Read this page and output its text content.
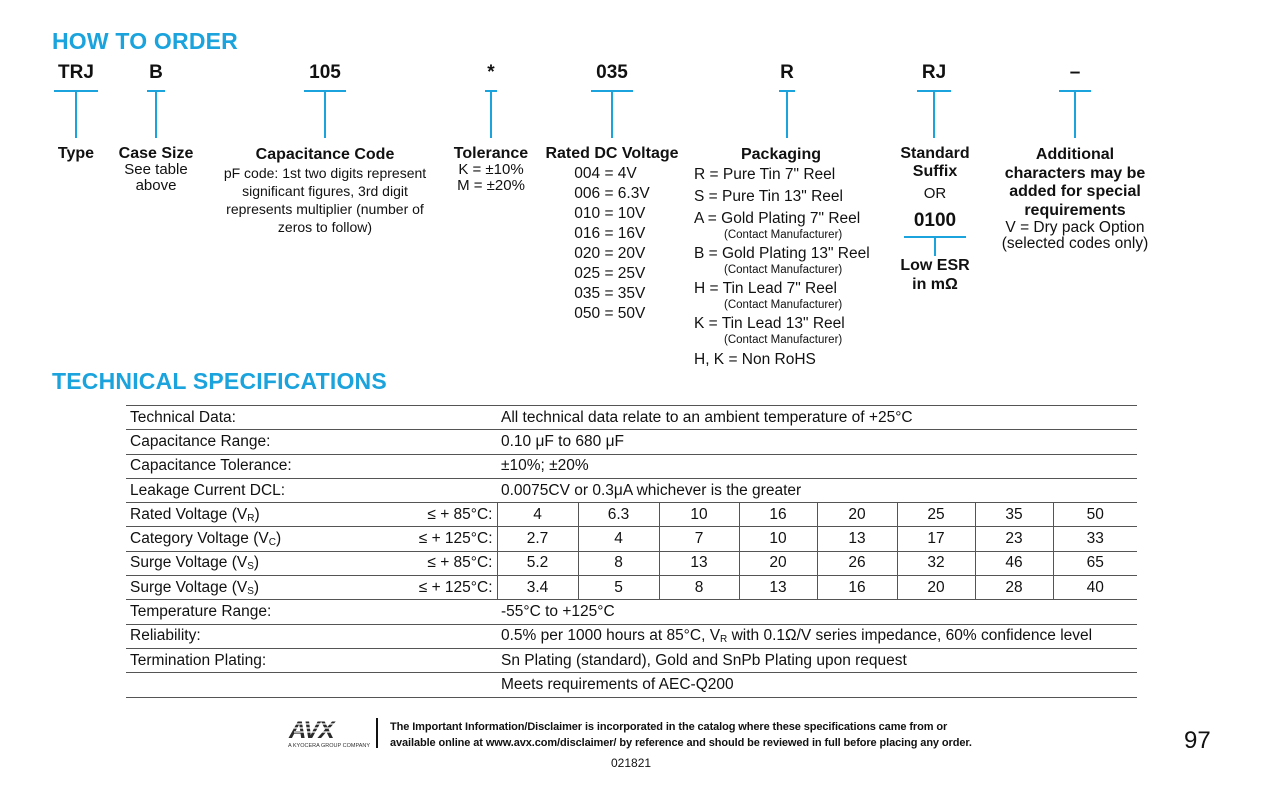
HOW TO ORDER
TRJ	B	105	*	035	R	RJ	–
Type	Case Size
See table
above
Capacitance Code
pF code: 1st two digits represent
significant figures, 3rd digit
represents multiplier (number of
zeros to follow)
Tolerance
K = ±10%
M = ±20%
Rated DC Voltage
004 = 4V
006 = 6.3V
010 = 10V
016 = 16V
020 = 20V
025 = 25V
035 = 35V
050 = 50V
Packaging
R = Pure Tin 7" Reel
S = Pure Tin 13" Reel
A = Gold Plating 7" Reel
(Contact Manufacturer)
B = Gold Plating 13" Reel
(Contact Manufacturer)
H = Tin Lead 7" Reel
(Contact Manufacturer)
K = Tin Lead 13" Reel
(Contact Manufacturer)
H, K = Non RoHS
Standard
Suffix
OR
0100
Low ESR
in mΩ
Additional
characters may be
added for special
requirements
V = Dry pack Option
(selected codes only)
TECHNICAL SPECIFICATIONS
Technical Data:		All technical data relate to an ambient temperature of +25°C							
Capacitance Range:		0.10 μF to 680 μF							
Capacitance Tolerance:		±10%; ±20%							
Leakage Current DCL:		0.0075CV or 0.3μA whichever is the greater							
Rated Voltage $(V_R)$	≤ + 85°C:	4	6.3	10	16	20	25	35	50
Category Voltage $(V_C)$	≤ + 125°C:	2.7	4	7	10	13	17	23	33
Surge Voltage $(V_S)$	≤ + 85°C:	5.2	8	13	20	26	32	46	65
Surge Voltage $(V_S)$	≤ + 125°C:	3.4	5	8	13	16	20	28	40
Temperature Range:		-55°C to +125°C							
Reliability:		0.5% per 1000 hours at 85°C, $V_R$ with 0.1Ω/V series impedance, 60% confidence level							
Termination Plating:		Sn Plating (standard), Gold and SnPb Plating upon request							
		Meets requirements of AEC-Q200							
AVX
A KYOCERA GROUP COMPANY
The Important Information/Disclaimer is incorporated in the catalog where these specifications came from or
available online at www.avx.com/disclaimer/ by reference and should be reviewed in full before placing any order.	97
021821
